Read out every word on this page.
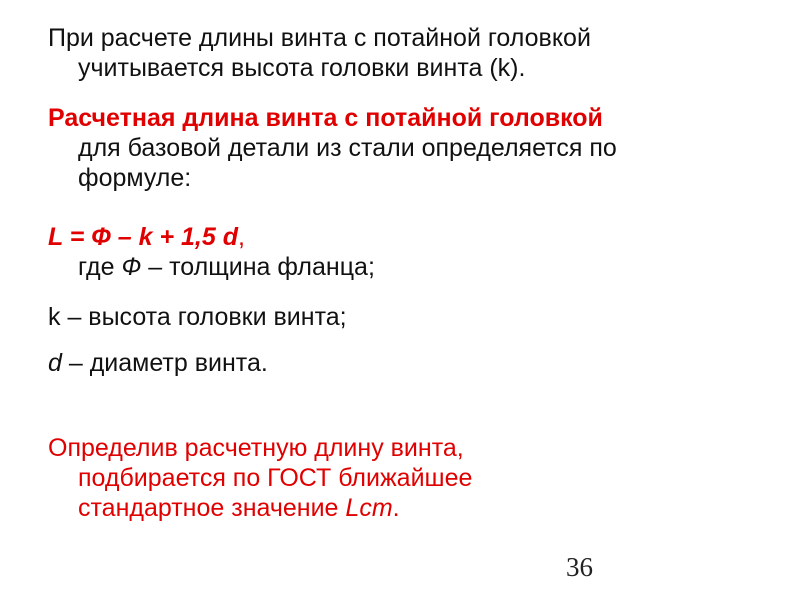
При расчете длины винта с потайной головкой
учитывается высота головки винта (k).

Расчетная длина винта с потайной головкой
для базовой детали из стали определяется по
формуле:

L = Ф – k + 1,5 d,
где Ф – толщина фланца;

k – высота головки винта;

d – диаметр винта.

Определив расчетную длину винта,
подбирается по ГОСТ ближайшее
стандартное значение Lст.

36
